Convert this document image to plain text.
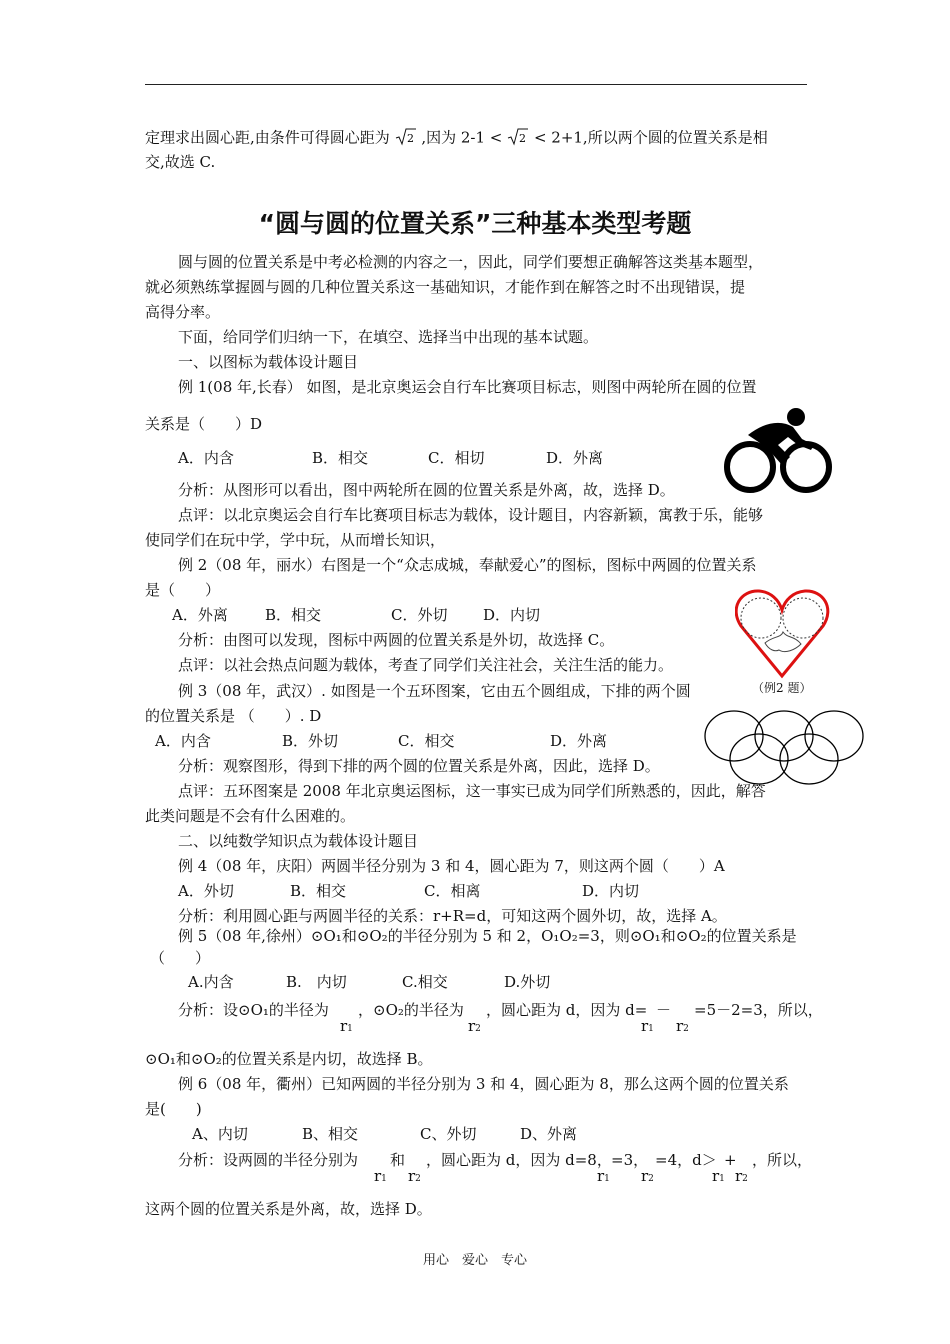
定理求出圆心距,由条件可得圆心距为 2 ,因为 2-1 < 2 < 2+1,所以两个圆的位置关系是相
交,故选 C.
“圆与圆的位置关系”三种基本类型考题
圆与圆的位置关系是中考必检测的内容之一，因此，同学们要想正确解答这类基本题型，
就必须熟练掌握圆与圆的几种位置关系这一基础知识，才能作到在解答之时不出现错误，提
高得分率。
下面，给同学们归纳一下，在填空、选择当中出现的基本试题。
一、以图标为载体设计题目
例 1(08 年,长春） 如图，是北京奥运会自行车比赛项目标志，则图中两轮所在圆的位置
关系是（　　）D
A．内含	B．相交	C．相切	D．外离
分析：从图形可以看出，图中两轮所在圆的位置关系是外离，故，选择 D。
点评：以北京奥运会自行车比赛项目标志为载体，设计题目，内容新颖，寓教于乐，能够
使同学们在玩中学，学中玩，从而增长知识，
例 2（08 年，丽水）右图是一个“众志成城，奉献爱心”的图标，图标中两圆的位置关系
是（　　）
A．外离 B．相交	C．外切 D．内切
分析：由图可以发现，图标中两圆的位置关系是外切，故选择 C。
点评：以社会热点问题为载体，考查了同学们关注社会，关注生活的能力。
（例2 题）
例 3（08 年，武汉）. 如图是一个五环图案，它由五个圆组成，下排的两个圆
的位置关系是 （　　）. D
A．内含	B．外切	C．相交	D．外离
分析：观察图形，得到下排的两个圆的位置关系是外离，因此，选择 D。
点评：五环图案是 2008 年北京奥运图标，这一事实已成为同学们所熟悉的，因此，解答
此类问题是不会有什么困难的。
二、以纯数学知识点为载体设计题目
例 4（08 年，庆阳）两圆半径分别为 3 和 4，圆心距为 7，则这两个圆（　　）A
A．外切	B．相交	C．相离	D．内切
分析：利用圆心距与两圆半径的关系：r+R=d，可知这两个圆外切，故，选择 A。
例 5（08 年,徐州）⊙O₁和⊙O₂的半径分别为 5 和 2，O₁O₂=3，则⊙O₁和⊙O₂的位置关系是
（　　）
A.内含	B.　内切	C.相交	D.外切
分析：设⊙O₁的半径为
r1
，⊙O₂的半径为
r2
，圆心距为 d，因为 d=
r1
－
r2
=5－2=3，所以，
⊙O₁和⊙O₂的位置关系是内切，故选择 B。
例 6（08 年，衢州）已知两圆的半径分别为 3 和 4，圆心距为 8，那么这两个圆的位置关系
是(　　)
A、内切	B、相交	C、外切	D、外离
分析：设两圆的半径分别为
r1
和
r2
，圆心距为 d，因为 d=8，
r1
=3，
r2
=4，d＞
r1
+
r2
，所以，
这两个圆的位置关系是外离，故，选择 D。
用心　爱心　专心
